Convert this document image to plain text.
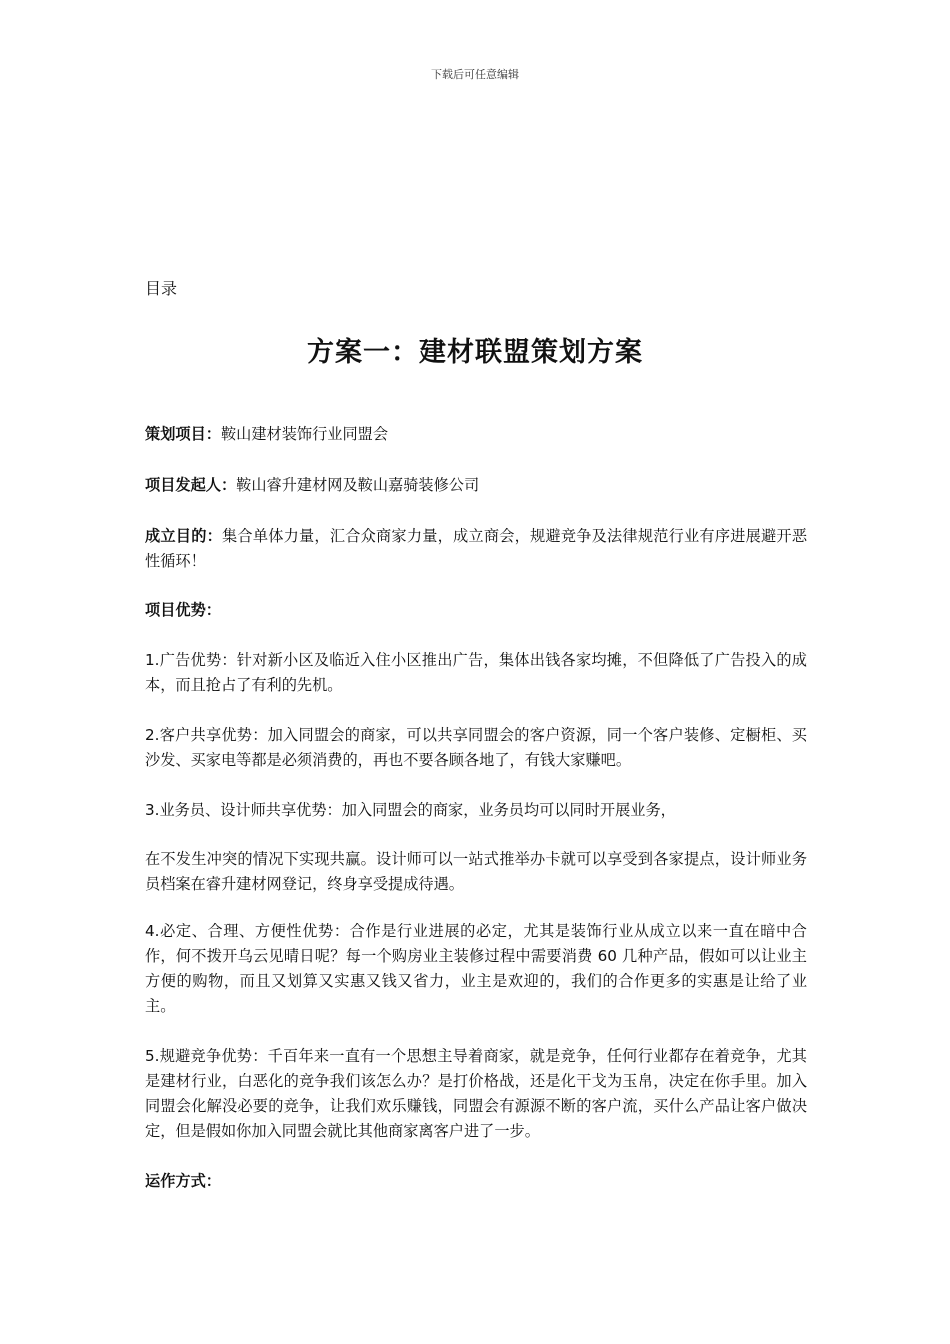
下载后可任意编辑
目录
方案一：建材联盟策划方案

策划项目：鞍山建材装饰行业同盟会

项目发起人：鞍山睿升建材网及鞍山嘉骑装修公司

成立目的：集合单体力量，汇合众商家力量，成立商会，规避竞争及法律规范行业有序进展避开恶性循环！

项目优势：

1.广告优势：针对新小区及临近入住小区推出广告，集体出钱各家均摊，不但降低了广告投入的成本，而且抢占了有利的先机。

2.客户共享优势：加入同盟会的商家，可以共享同盟会的客户资源，同一个客户装修、定橱柜、买沙发、买家电等都是必须消费的，再也不要各顾各地了，有钱大家赚吧。

3.业务员、设计师共享优势：加入同盟会的商家，业务员均可以同时开展业务，

在不发生冲突的情况下实现共赢。设计师可以一站式推举办卡就可以享受到各家提点，设计师业务员档案在睿升建材网登记，终身享受提成待遇。

4.必定、合理、方便性优势：合作是行业进展的必定，尤其是装饰行业从成立以来一直在暗中合作，何不拨开乌云见晴日呢？每一个购房业主装修过程中需要消费 60 几种产品，假如可以让业主方便的购物，而且又划算又实惠又钱又省力，业主是欢迎的，我们的合作更多的实惠是让给了业主。

5.规避竞争优势：千百年来一直有一个思想主导着商家，就是竞争，任何行业都存在着竞争，尤其是建材行业，白恶化的竞争我们该怎么办？是打价格战，还是化干戈为玉帛，决定在你手里。加入同盟会化解没必要的竞争，让我们欢乐赚钱，同盟会有源源不断的客户流，买什么产品让客户做决定，但是假如你加入同盟会就比其他商家离客户进了一步。

运作方式：
